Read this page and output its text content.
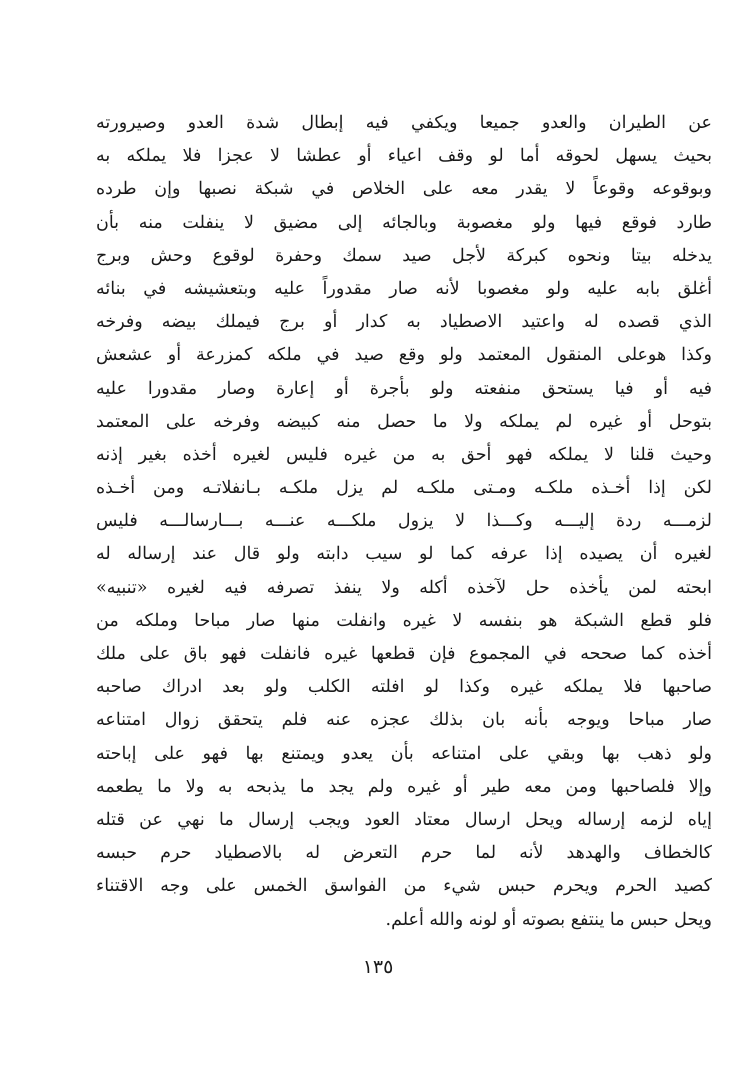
عن الطيران والعدو جميعا ويكفي فيه إبطال شدة العدو وصيرورته
بحيث يسهل لحوقه أما لو وقف اعياء أو عطشا لا عجزا فلا يملكه به
وبوقوعه وقوعاً لا يقدر معه على الخلاص في شبكة نصبها وإن طرده
طارد فوقع فيها ولو مغصوبة وبالجائه إلى مضيق لا ينفلت منه بأن
يدخله بيتا ونحوه كبركة لأجل صيد سمك وحفرة لوقوع وحش وبرج
أغلق بابه عليه ولو مغصوبا لأنه صار مقدوراً عليه وبتعشيشه في بنائه
الذي قصده له واعتيد الاصطياد به كدار أو برج فيملك بيضه وفرخه
وكذا هوعلى المنقول المعتمد ولو وقع صيد في ملكه كمزرعة أو عشعش
فيه أو فيا يستحق منفعته ولو بأجرة أو إعارة وصار مقدورا عليه
بتوحل أو غيره لم يملكه ولا ما حصل منه كبيضه وفرخه على المعتمد
وحيث قلنا لا يملكه فهو أحق به من غيره فليس لغيره أخذه بغير إذنه
لكن إذا أخـذه ملكـه ومـتى ملكـه لم يزل ملكـه بـانفلاتـه ومن أخـذه
لزمـــه ردة إليـــه وكـــذا لا يزول ملكـــه عنـــه بـــارسالـــه فليس
لغيره أن يصيده إذا عرفه كما لو سيب دابته ولو قال عند إرساله له
ابحته لمن يأخذه حل لآخذه أكله ولا ينفذ تصرفه فيه لغيره «تنبيه»
فلو قطع الشبكة هو بنفسه لا غيره وانفلت منها صار مباحا وملكه من
أخذه كما صححه في المجموع فإن قطعها غيره فانفلت فهو باق على ملك
صاحبها فلا يملكه غيره وكذا لو افلته الكلب ولو بعد ادراك صاحبه
صار مباحا ويوجه بأنه بان بذلك عجزه عنه فلم يتحقق زوال امتناعه
ولو ذهب بها وبقي على امتناعه بأن يعدو ويمتنع بها فهو على إباحته
وإلا فلصاحبها ومن معه طير أو غيره ولم يجد ما يذبحه به ولا ما يطعمه
إياه لزمه إرساله ويحل ارسال معتاد العود ويجب إرسال ما نهي عن قتله
كالخطاف والهدهد لأنه لما حرم التعرض له بالاصطياد حرم حبسه
كصيد الحرم ويحرم حبس شيء من الفواسق الخمس على وجه الاقتناء
ويحل حبس ما ينتفع بصوته أو لونه والله أعلم.
١٣٥
